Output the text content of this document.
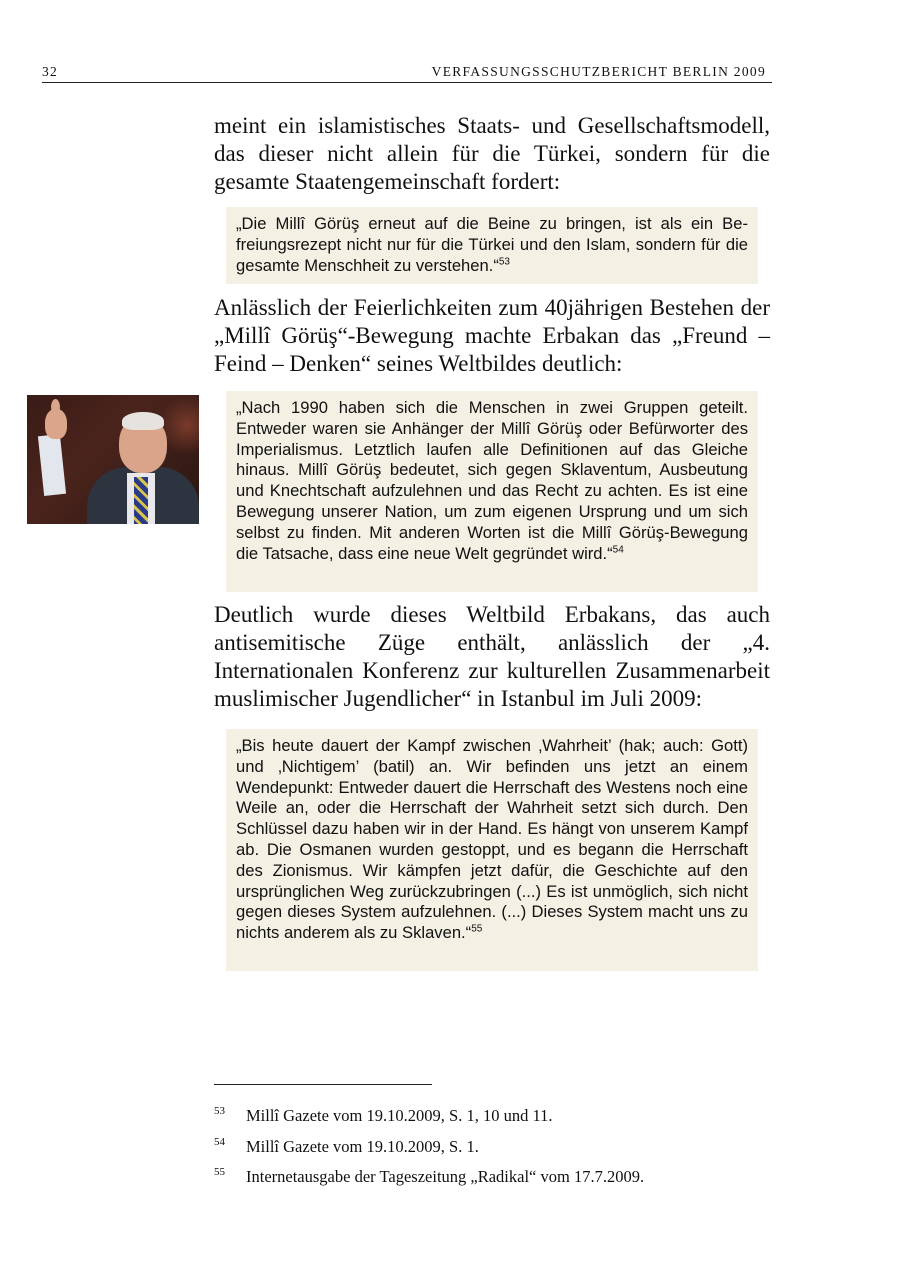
32	VERFASSUNGSSCHUTZBERICHT BERLIN 2009

meint ein islamistisches Staats- und Gesellschaftsmodell, das dieser nicht allein für die Türkei, sondern für die gesamte Staatengemeinschaft fordert:

„Die Millî Görüş erneut auf die Beine zu bringen, ist als ein Befreiungsrezept nicht nur für die Türkei und den Islam, sondern für die gesamte Menschheit zu verstehen.“$^{53}$

Anlässlich der Feierlichkeiten zum 40jährigen Bestehen der „Millî Görüş“-Bewegung machte Erbakan das „Freund – Feind – Denken“ seines Weltbildes deutlich:

„Nach 1990 haben sich die Menschen in zwei Gruppen geteilt. Entweder waren sie Anhänger der Millî Görüş oder Befürworter des Imperialismus. Letztlich laufen alle Definitionen auf das Gleiche hinaus. Millî Görüş bedeutet, sich gegen Sklaventum, Ausbeutung und Knechtschaft aufzulehnen und das Recht zu achten. Es ist eine Bewegung unserer Nation, um zum eigenen Ursprung und um sich selbst zu finden. Mit anderen Worten ist die Millî Görüş-Bewegung die Tatsache, dass eine neue Welt gegründet wird.“$^{54}$

Deutlich wurde dieses Weltbild Erbakans, das auch antisemitische Züge enthält, anlässlich der „4. Internationalen Konferenz zur kulturellen Zusammenarbeit muslimischer Jugendlicher“ in Istanbul im Juli 2009:

„Bis heute dauert der Kampf zwischen ‚Wahrheit’ (hak; auch: Gott) und ‚Nichtigem’ (batil) an. Wir befinden uns jetzt an einem Wendepunkt: Entweder dauert die Herrschaft des Westens noch eine Weile an, oder die Herrschaft der Wahrheit setzt sich durch. Den Schlüssel dazu haben wir in der Hand. Es hängt von unserem Kampf ab. Die Osmanen wurden gestoppt, und es begann die Herrschaft des Zionismus. Wir kämpfen jetzt dafür, die Geschichte auf den ursprünglichen Weg zurückzubringen (...) Es ist unmöglich, sich nicht gegen dieses System aufzulehnen. (...) Dieses System macht uns zu nichts anderem als zu Sklaven.“$^{55}$
53 Millî Gazete vom 19.10.2009, S. 1, 10 und 11.
54 Millî Gazete vom 19.10.2009, S. 1.
55 Internetausgabe der Tageszeitung „Radikal“ vom 17.7.2009.
